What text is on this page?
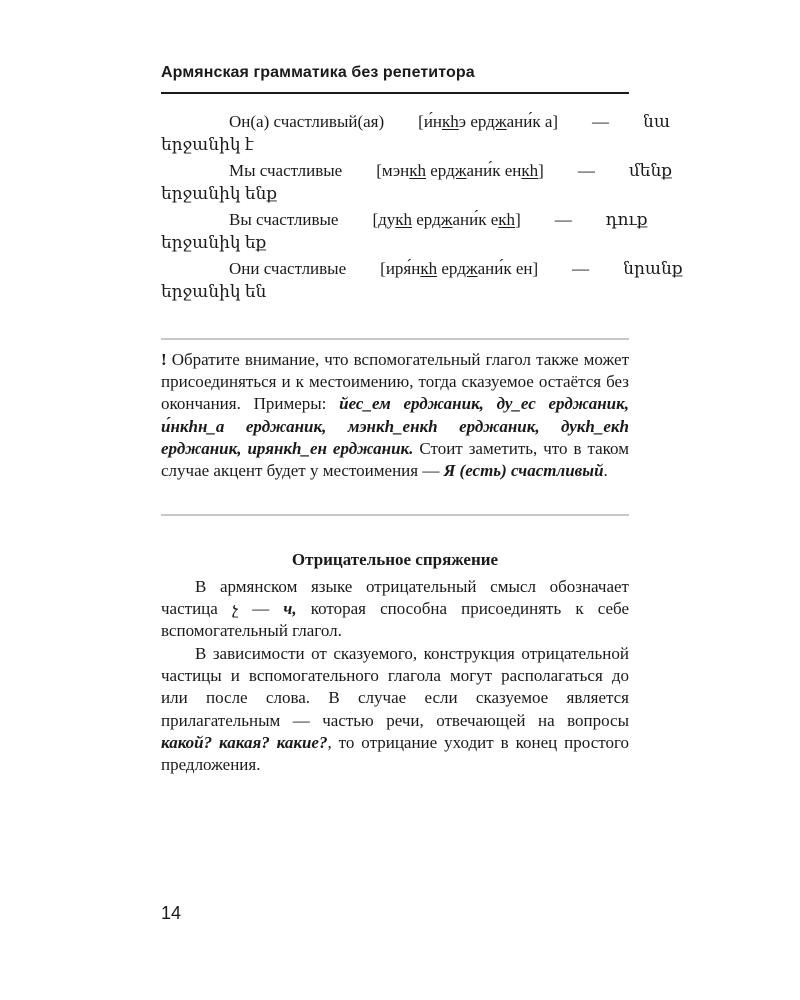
Армянская грамматика без репетитора
Он(а) счастливый(ая)	[и́нкhэ ерджани́к а]	—	նա
երջանիկ է
Мы счастливые	[мэнкh ерджани́к енкh]	—	մենք
երջանիկ ենք
Вы счастливые	[дукh ерджани́к екh]	—	դուք
երջանիկ եք
Они счастливые	[иря́нкh ерджани́к ен]	—	նրանք
երջանիկ են
! Обратите внимание, что вспомогательный глагол также может присоединяться и к местоимению, тогда сказуемое остаётся без окончания. Примеры: йес_ем ерджаник, ду_ес ерджаник, и́нкhн_а ерджаник, мэнкh_енкh ерджаник, дукh_екh ерджаник, ирянкh_ен ерджаник. Стоит заметить, что в таком случае акцент будет у местоимения — Я (есть) счастливый.
Отрицательное спряжение
В армянском языке отрицательный смысл обозначает частица չ — ч, которая способна присоединять к себе вспомогательный глагол.
В зависимости от сказуемого, конструкция отрицательной частицы и вспомогательного глагола могут располагаться до или после слова. В случае если сказуемое является прилагательным — частью речи, отвечающей на вопросы какой? какая? какие?, то отрицание уходит в конец простого предложения.
14
